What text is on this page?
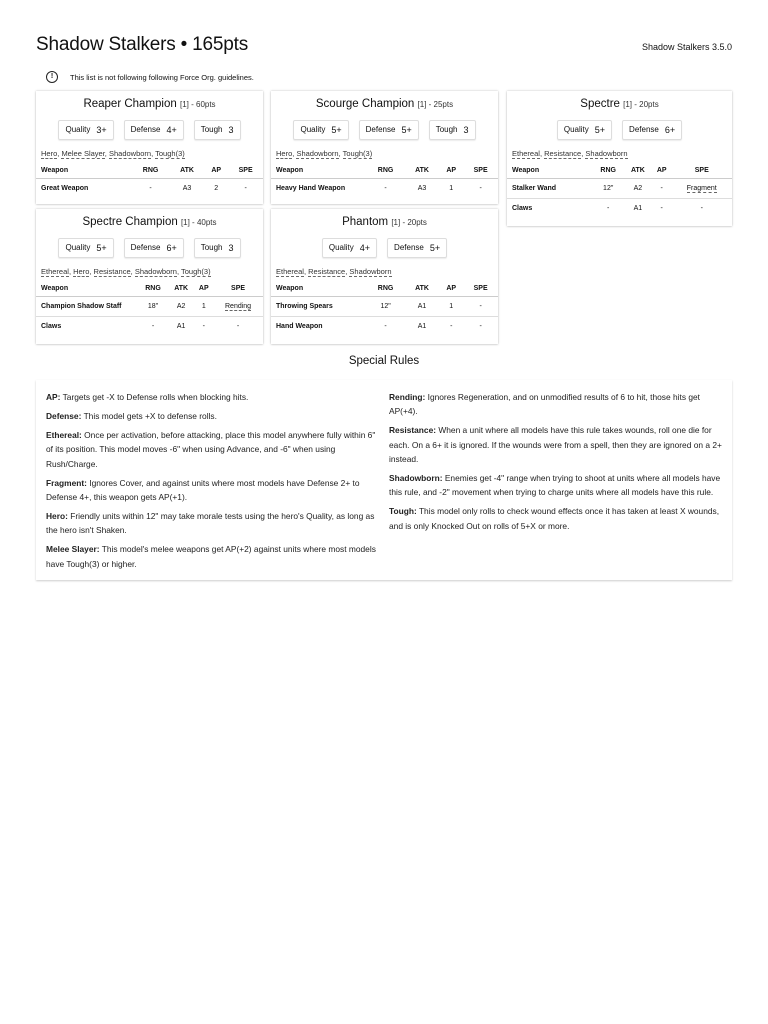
Shadow Stalkers • 165pts	Shadow Stalkers 3.5.0
!	This list is not following following Force Org. guidelines.
Reaper Champion [1] - 60pts
Quality 3+	Defense 4+	Tough 3
Hero, Melee Slayer, Shadowborn, Tough(3)
Weapon	RNG	ATK	AP	SPE
Great Weapon	-	A3	2	-
Scourge Champion [1] - 25pts
Quality 5+	Defense 5+	Tough 3
Hero, Shadowborn, Tough(3)
Weapon	RNG	ATK	AP	SPE
Heavy Hand Weapon	-	A3	1	-
Spectre [1] - 20pts
Quality 5+	Defense 6+
Ethereal, Resistance, Shadowborn
Weapon	RNG	ATK	AP	SPE
Stalker Wand	12"	A2	-	Fragment
Claws	-	A1	-	-
Spectre Champion [1] - 40pts
Quality 5+	Defense 6+	Tough 3
Ethereal, Hero, Resistance, Shadowborn, Tough(3)
Weapon	RNG	ATK	AP	SPE
Champion Shadow Staff	18"	A2	1	Rending
Claws	-	A1	-	-
Phantom [1] - 20pts
Quality 4+	Defense 5+
Ethereal, Resistance, Shadowborn
Weapon	RNG	ATK	AP	SPE
Throwing Spears	12"	A1	1	-
Hand Weapon	-	A1	-	-
Special Rules

AP: Targets get -X to Defense rolls when blocking hits.

Defense: This model gets +X to defense rolls.

Ethereal: Once per activation, before attacking, place this model anywhere fully within 6" of its position. This model moves -6" when using Advance, and -6" when using Rush/Charge.

Fragment: Ignores Cover, and against units where most models have Defense 2+ to Defense 4+, this weapon gets AP(+1).

Hero: Friendly units within 12" may take morale tests using the hero's Quality, as long as the hero isn't Shaken.

Melee Slayer: This model's melee weapons get AP(+2) against units where most models have Tough(3) or higher.

Rending: Ignores Regeneration, and on unmodified results of 6 to hit, those hits get AP(+4).

Resistance: When a unit where all models have this rule takes wounds, roll one die for each. On a 6+ it is ignored. If the wounds were from a spell, then they are ignored on a 2+ instead.

Shadowborn: Enemies get -4" range when trying to shoot at units where all models have this rule, and -2" movement when trying to charge units where all models have this rule.

Tough: This model only rolls to check wound effects once it has taken at least X wounds, and is only Knocked Out on rolls of 5+X or more.
